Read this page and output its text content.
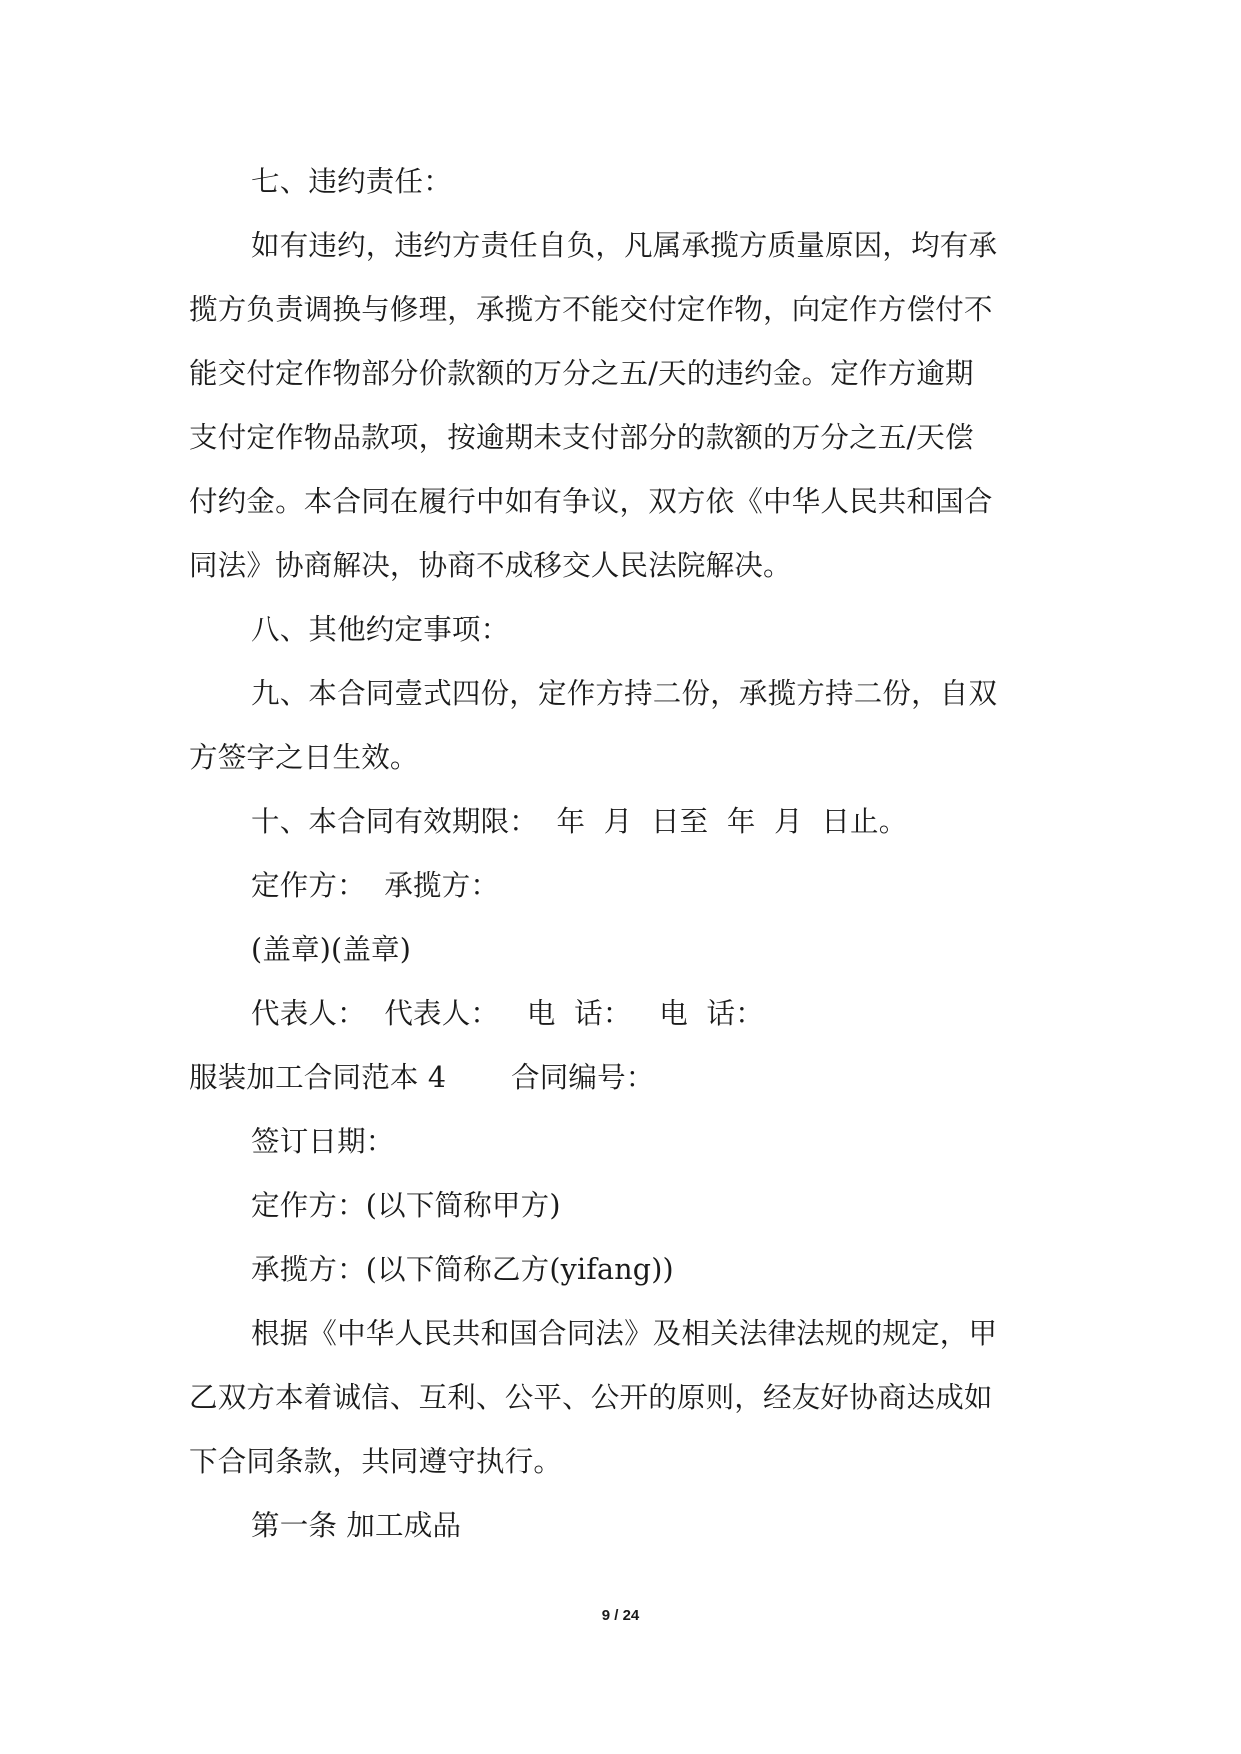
七、违约责任：
如有违约，违约方责任自负，凡属承揽方质量原因，均有承
揽方负责调换与修理，承揽方不能交付定作物，向定作方偿付不
能交付定作物部分价款额的万分之五/天的违约金。定作方逾期
支付定作物品款项，按逾期未支付部分的款额的万分之五/天偿
付约金。本合同在履行中如有争议，双方依《中华人民共和国合
同法》协商解决，协商不成移交人民法院解决。
八、其他约定事项：
九、本合同壹式四份，定作方持二份，承揽方持二份，自双
方签字之日生效。
十、本合同有效期限：  年  月  日至  年  月  日止。
定作方：  承揽方：
(盖章)(盖章)
代表人：  代表人：   电  话：   电  话：
服装加工合同范本 4       合同编号：
签订日期：
定作方：(以下简称甲方)
承揽方：(以下简称乙方(yifang))
根据《中华人民共和国合同法》及相关法律法规的规定，甲
乙双方本着诚信、互利、公平、公开的原则，经友好协商达成如
下合同条款，共同遵守执行。
第一条 加工成品
9 / 24
